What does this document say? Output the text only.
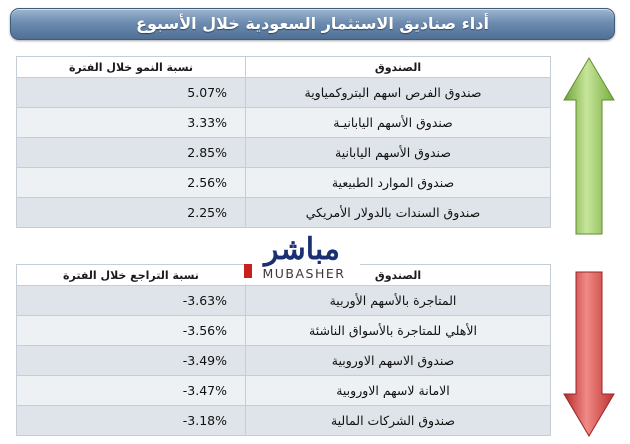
أداء صناديق الاستثمار السعودية خلال الأسبوع
الصندوق	نسبة النمو خلال الفترة
صندوق الفرص اسهم البتروكمياوية	5.07%
صندوق الأسهم اليابانيـة	3.33%
صندوق الأسهم اليابانية	2.85%
صندوق الموارد الطبيعية	2.56%
صندوق السندات بالدولار الأمريكي	2.25%
الصندوق	نسبة التراجع خلال الفترة
المتاجرة بالأسهم الأوربية	-3.63%
الأهلي للمتاجرة بالأسواق الناشئة	-3.56%
صندوق الاسهم الاوروبية	-3.49%
الامانة لاسهم الاوروبية	-3.47%
صندوق الشركات المالية	-3.18%
مباشر
MUBASHER
